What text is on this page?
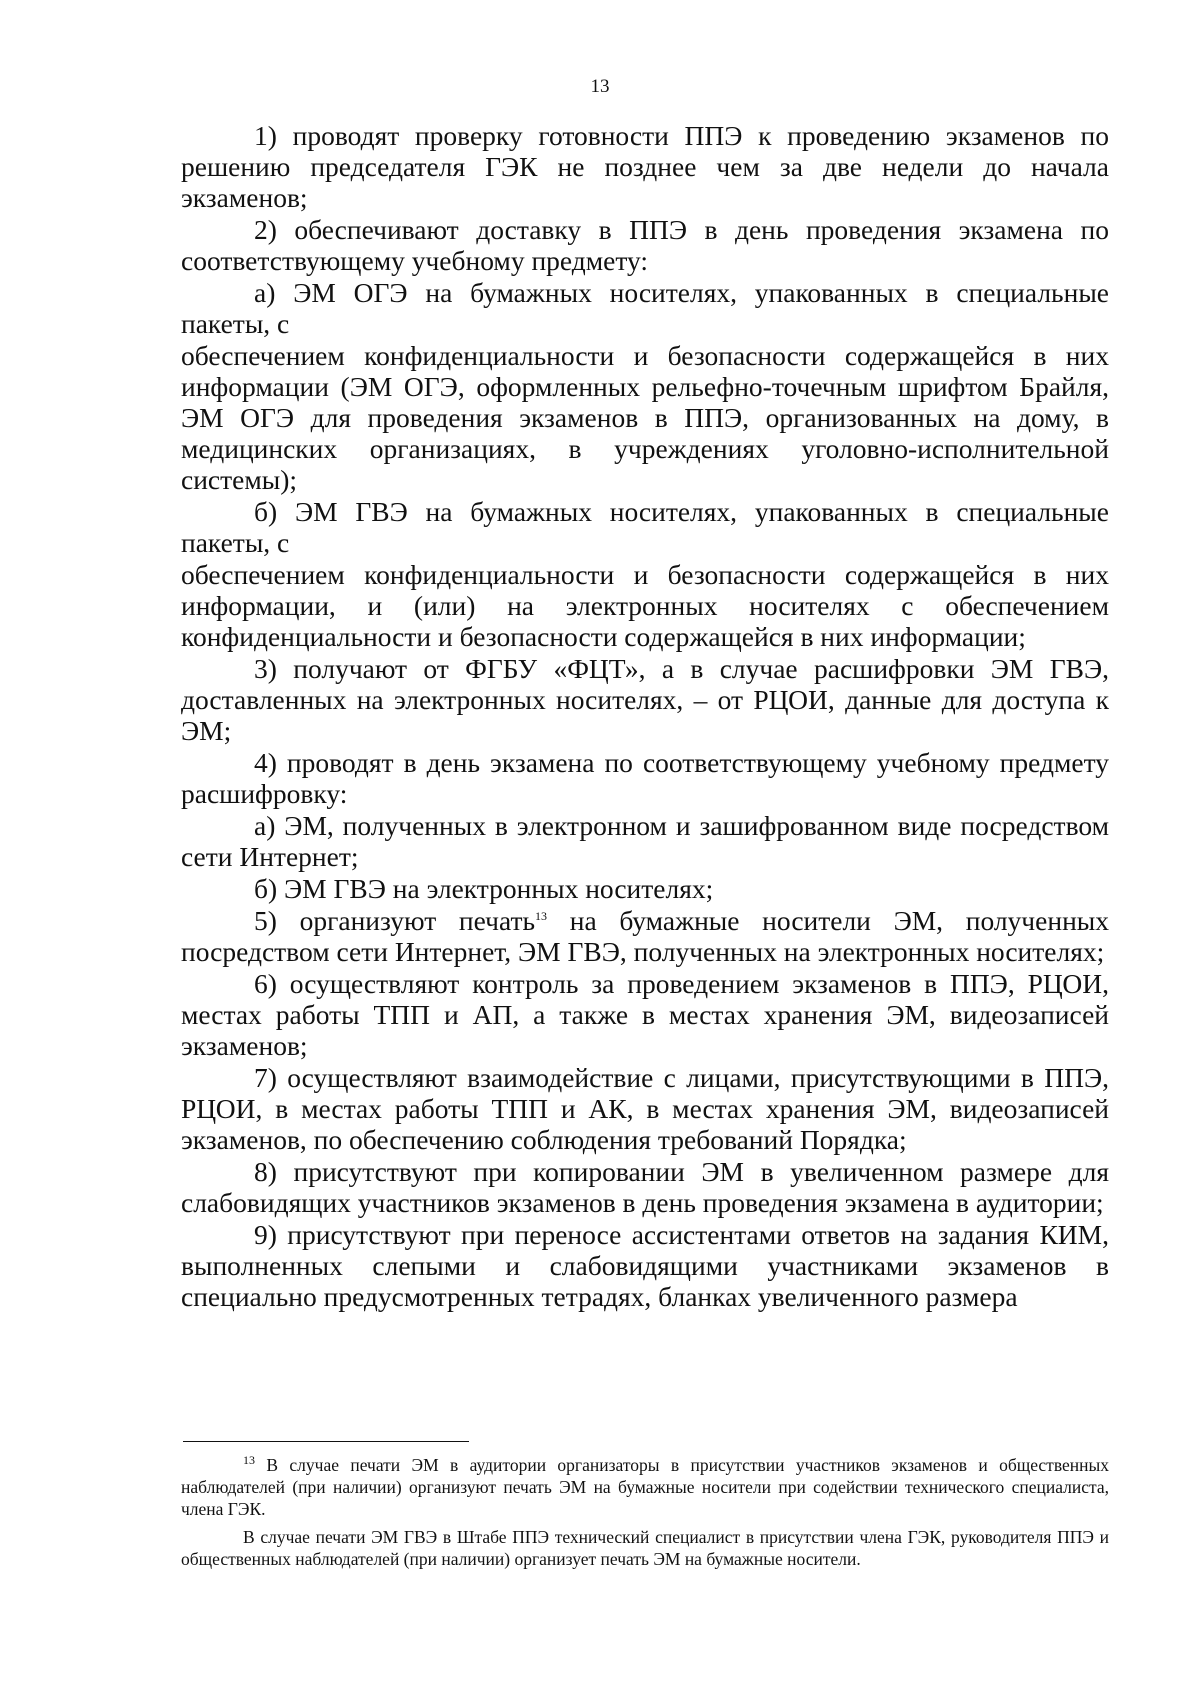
13

1) проводят проверку готовности ППЭ к проведению экзаменов по решению председателя ГЭК не позднее чем за две недели до начала экзаменов;

2) обеспечивают доставку в ППЭ в день проведения экзамена по соответствующему учебному предмету:

а) ЭМ ОГЭ на бумажных носителях, упакованных в специальные пакеты, с

обеспечением конфиденциальности и безопасности содержащейся в них информации (ЭМ ОГЭ, оформленных рельефно-точечным шрифтом Брайля, ЭМ ОГЭ для проведения экзаменов в ППЭ, организованных на дому, в медицинских организациях, в учреждениях уголовно-исполнительной системы);

б) ЭМ ГВЭ на бумажных носителях, упакованных в специальные пакеты, с

обеспечением конфиденциальности и безопасности содержащейся в них информации, и (или) на электронных носителях с обеспечением конфиденциальности и безопасности содержащейся в них информации;

3) получают от ФГБУ «ФЦТ», а в случае расшифровки ЭМ ГВЭ, доставленных на электронных носителях, – от РЦОИ, данные для доступа к ЭМ;

4) проводят в день экзамена по соответствующему учебному предмету расшифровку:

а) ЭМ, полученных в электронном и зашифрованном виде посредством сети Интернет;

б) ЭМ ГВЭ на электронных носителях;

5) организуют печать$^{13}$ на бумажные носители ЭМ, полученных посредством сети Интернет, ЭМ ГВЭ, полученных на электронных носителях;

6) осуществляют контроль за проведением экзаменов в ППЭ, РЦОИ, местах работы ТПП и АП, а также в местах хранения ЭМ, видеозаписей экзаменов;

7) осуществляют взаимодействие с лицами, присутствующими в ППЭ, РЦОИ, в местах работы ТПП и АК, в местах хранения ЭМ, видеозаписей экзаменов, по обеспечению соблюдения требований Порядка;

8) присутствуют при копировании ЭМ в увеличенном размере для слабовидящих участников экзаменов в день проведения экзамена в аудитории;

9) присутствуют при переносе ассистентами ответов на задания КИМ, выполненных слепыми и слабовидящими участниками экзаменов в специально предусмотренных тетрадях, бланках увеличенного размера

$^{13}$ В случае печати ЭМ в аудитории организаторы в присутствии участников экзаменов и общественных наблюдателей (при наличии) организуют печать ЭМ на бумажные носители при содействии технического специалиста, члена ГЭК.

В случае печати ЭМ ГВЭ в Штабе ППЭ технический специалист в присутствии члена ГЭК, руководителя ППЭ и общественных наблюдателей (при наличии) организует печать ЭМ на бумажные носители.
